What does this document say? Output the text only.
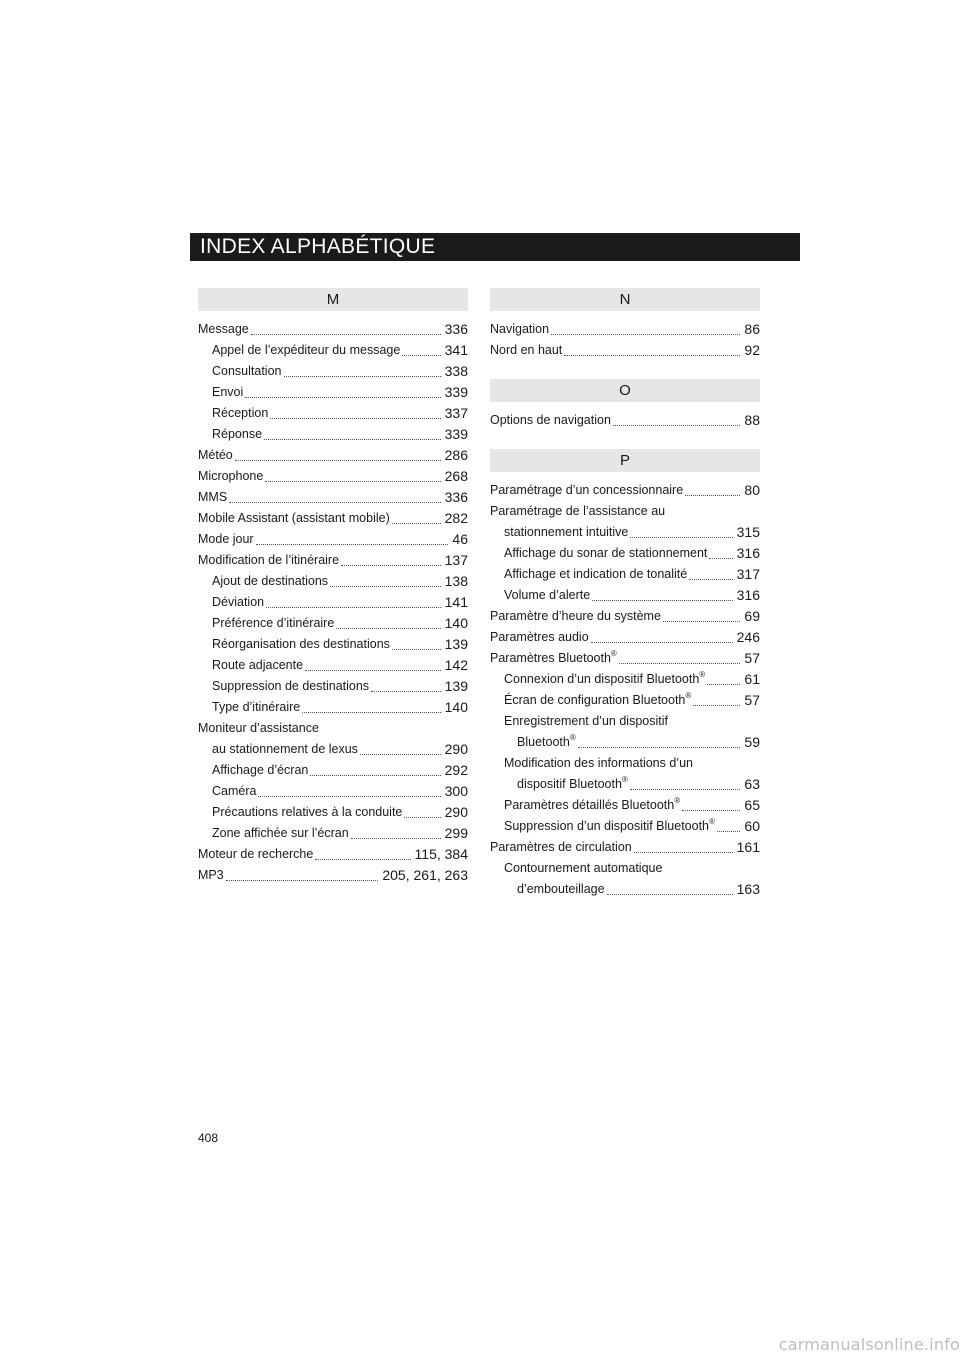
INDEX ALPHABÉTIQUE
M
Message	336
Appel de l’expéditeur du message	341
Consultation	338
Envoi	339
Réception	337
Réponse	339
Météo	286
Microphone	268
MMS	336
Mobile Assistant (assistant mobile)	282
Mode jour	46
Modification de l’itinéraire	137
Ajout de destinations	138
Déviation	141
Préférence d’itinéraire	140
Réorganisation des destinations	139
Route adjacente	142
Suppression de destinations	139
Type d’itinéraire	140
Moniteur d’assistance
au stationnement de lexus	290
Affichage d’écran	292
Caméra	300
Précautions relatives à la conduite	290
Zone affichée sur l’écran	299
Moteur de recherche	115, 384
MP3	205, 261, 263
N
Navigation	86
Nord en haut	92
O
Options de navigation	88
P
Paramétrage d’un concessionnaire	80
Paramétrage de l’assistance au
stationnement intuitive	315
Affichage du sonar de stationnement 316
Affichage et indication de tonalité	317
Volume d’alerte	316
Paramètre d’heure du système	69
Paramètres audio	246
Paramètres Bluetooth®	57
Connexion d’un dispositif Bluetooth®	61
Écran de configuration Bluetooth®	57
Enregistrement d’un dispositif
Bluetooth®	59
Modification des informations d’un
dispositif Bluetooth®	63
Paramètres détaillés Bluetooth®	65
Suppression d’un dispositif Bluetooth® 60
Paramètres de circulation	161
Contournement automatique
d’embouteillage	163
408
carmanualsonline.info
